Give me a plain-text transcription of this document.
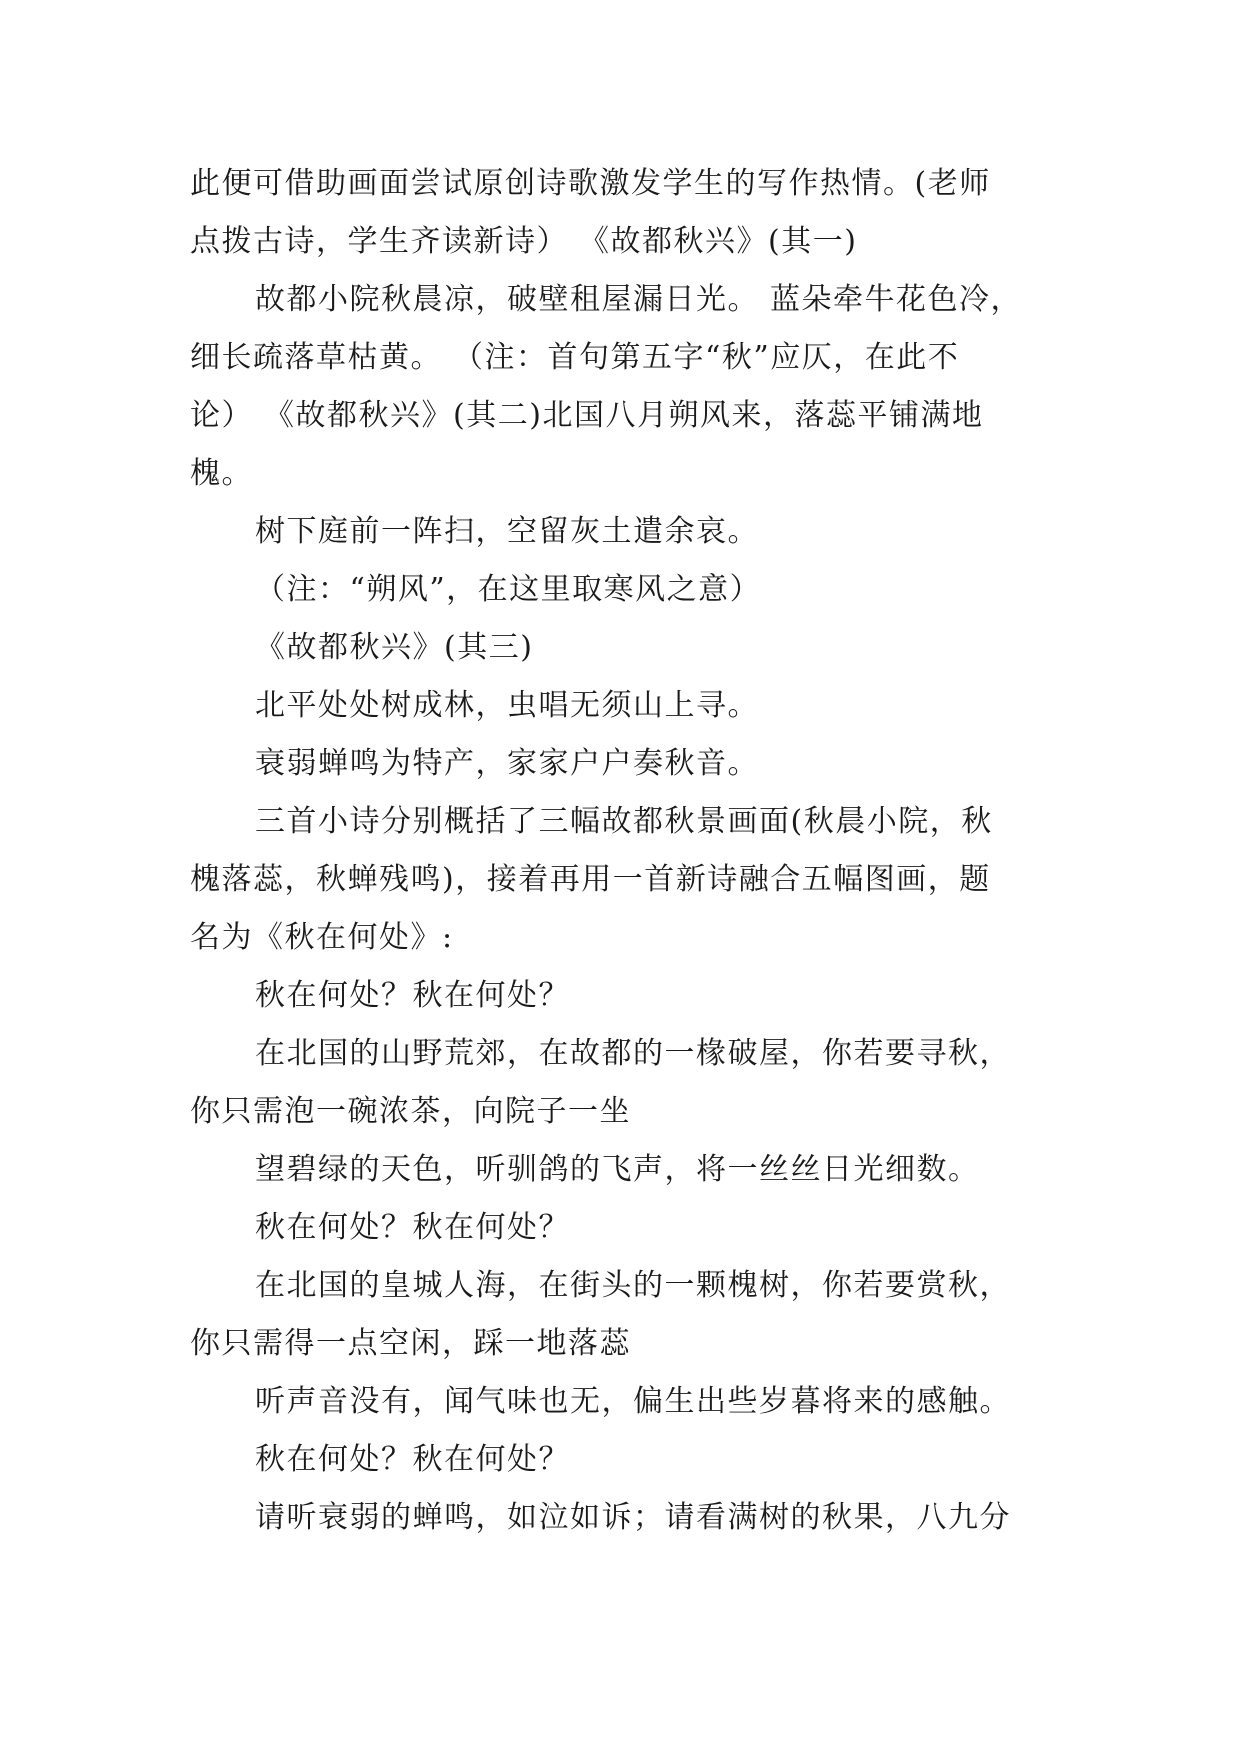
此便可借助画面尝试原创诗歌激发学生的写作热情。(老师
点拨古诗，学生齐读新诗） 《故都秋兴》(其一)
故都小院秋晨凉，破壁租屋漏日光。 蓝朵牵牛花色冷，
细长疏落草枯黄。 （注：首句第五字“秋”应仄，在此不
论） 《故都秋兴》(其二)北国八月朔风来，落蕊平铺满地
槐。
树下庭前一阵扫，空留灰土遣余哀。
（注：“朔风”，在这里取寒风之意）
《故都秋兴》(其三)
北平处处树成林，虫唱无须山上寻。
衰弱蝉鸣为特产，家家户户奏秋音。
三首小诗分别概括了三幅故都秋景画面(秋晨小院，秋
槐落蕊，秋蝉残鸣)，接着再用一首新诗融合五幅图画，题
名为《秋在何处》:
秋在何处？秋在何处？
在北国的山野荒郊，在故都的一椽破屋，你若要寻秋，
你只需泡一碗浓茶，向院子一坐
望碧绿的天色，听驯鸽的飞声，将一丝丝日光细数。
秋在何处？秋在何处？
在北国的皇城人海，在街头的一颗槐树，你若要赏秋，
你只需得一点空闲，踩一地落蕊
听声音没有，闻气味也无，偏生出些岁暮将来的感触。
秋在何处？秋在何处？
请听衰弱的蝉鸣，如泣如诉；请看满树的秋果，八九分
